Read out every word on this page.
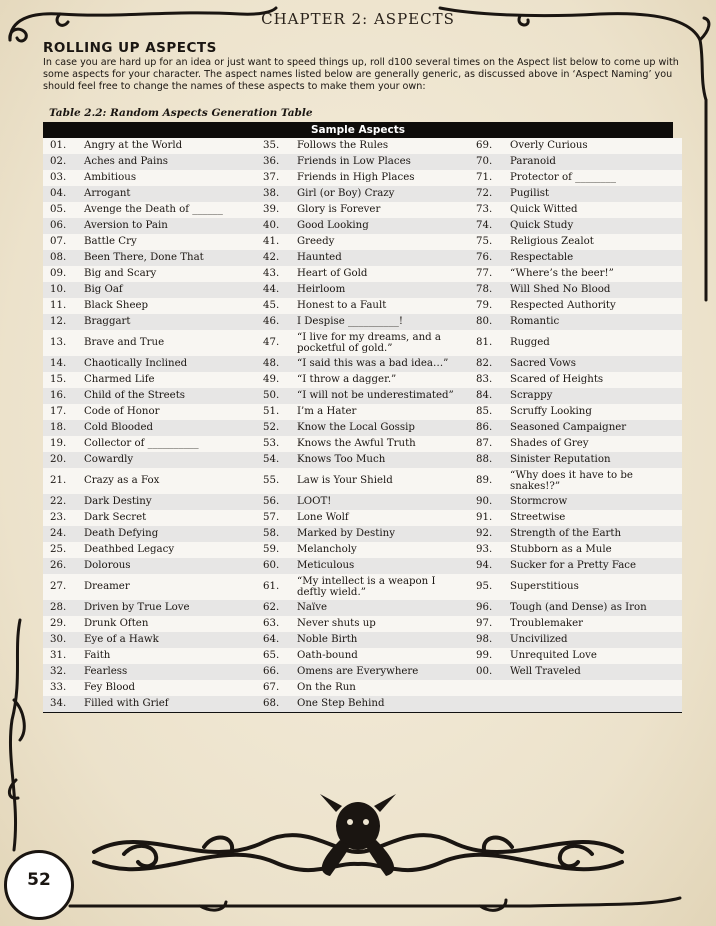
CHAPTER 2: ASPECTS
ROLLING UP ASPECTS
In case you are hard up for an idea or just want to speed things up, roll d100 several times on the Aspect list below to come up with some aspects for your character. The aspect names listed below are generally generic, as discussed above in ‘Aspect Naming’ you should feel free to change the names of these aspects to make them your own:
Table 2.2: Random Aspects Generation Table
Sample Aspects
01.	Angry at the World	35.	Follows the Rules	69.	Overly Curious
02.	Aches and Pains	36.	Friends in Low Places	70.	Paranoid
03.	Ambitious	37.	Friends in High Places	71.	Protector of ________
04.	Arrogant	38.	Girl (or Boy) Crazy	72.	Pugilist
05.	Avenge the Death of ______	39.	Glory is Forever	73.	Quick Witted
06.	Aversion to Pain	40.	Good Looking	74.	Quick Study
07.	Battle Cry	41.	Greedy	75.	Religious Zealot
08.	Been There, Done That	42.	Haunted	76.	Respectable
09.	Big and Scary	43.	Heart of Gold	77.	“Where’s the beer!”
10.	Big Oaf	44.	Heirloom	78.	Will Shed No Blood
11.	Black Sheep	45.	Honest to a Fault	79.	Respected Authority
12.	Braggart	46.	I Despise __________!	80.	Romantic
13.	Brave and True	47.	“I live for my dreams, and a pocketful of gold.”	81.	Rugged
14.	Chaotically Inclined	48.	“I said this was a bad idea…”	82.	Sacred Vows
15.	Charmed Life	49.	“I throw a dagger.”	83.	Scared of Heights
16.	Child of the Streets	50.	“I will not be underestimated”	84.	Scrappy
17.	Code of Honor	51.	I’m a Hater	85.	Scruffy Looking
18.	Cold Blooded	52.	Know the Local Gossip	86.	Seasoned Campaigner
19.	Collector of __________	53.	Knows the Awful Truth	87.	Shades of Grey
20.	Cowardly	54.	Knows Too Much	88.	Sinister Reputation
21.	Crazy as a Fox	55.	Law is Your Shield	89.	“Why does it have to be snakes!?”
22.	Dark Destiny	56.	LOOT!	90.	Stormcrow
23.	Dark Secret	57.	Lone Wolf	91.	Streetwise
24.	Death Defying	58.	Marked by Destiny	92.	Strength of the Earth
25.	Deathbed Legacy	59.	Melancholy	93.	Stubborn as a Mule
26.	Dolorous	60.	Meticulous	94.	Sucker for a Pretty Face
27.	Dreamer	61.	“My intellect is a weapon I deftly wield.”	95.	Superstitious
28.	Driven by True Love	62.	Naïve	96.	Tough (and Dense) as Iron
29.	Drunk Often	63.	Never shuts up	97.	Troublemaker
30.	Eye of a Hawk	64.	Noble Birth	98.	Uncivilized
31.	Faith	65.	Oath-bound	99.	Unrequited Love
32.	Fearless	66.	Omens are Everywhere	00.	Well Traveled
33.	Fey Blood	67.	On the Run		
34.	Filled with Grief	68.	One Step Behind		
52
